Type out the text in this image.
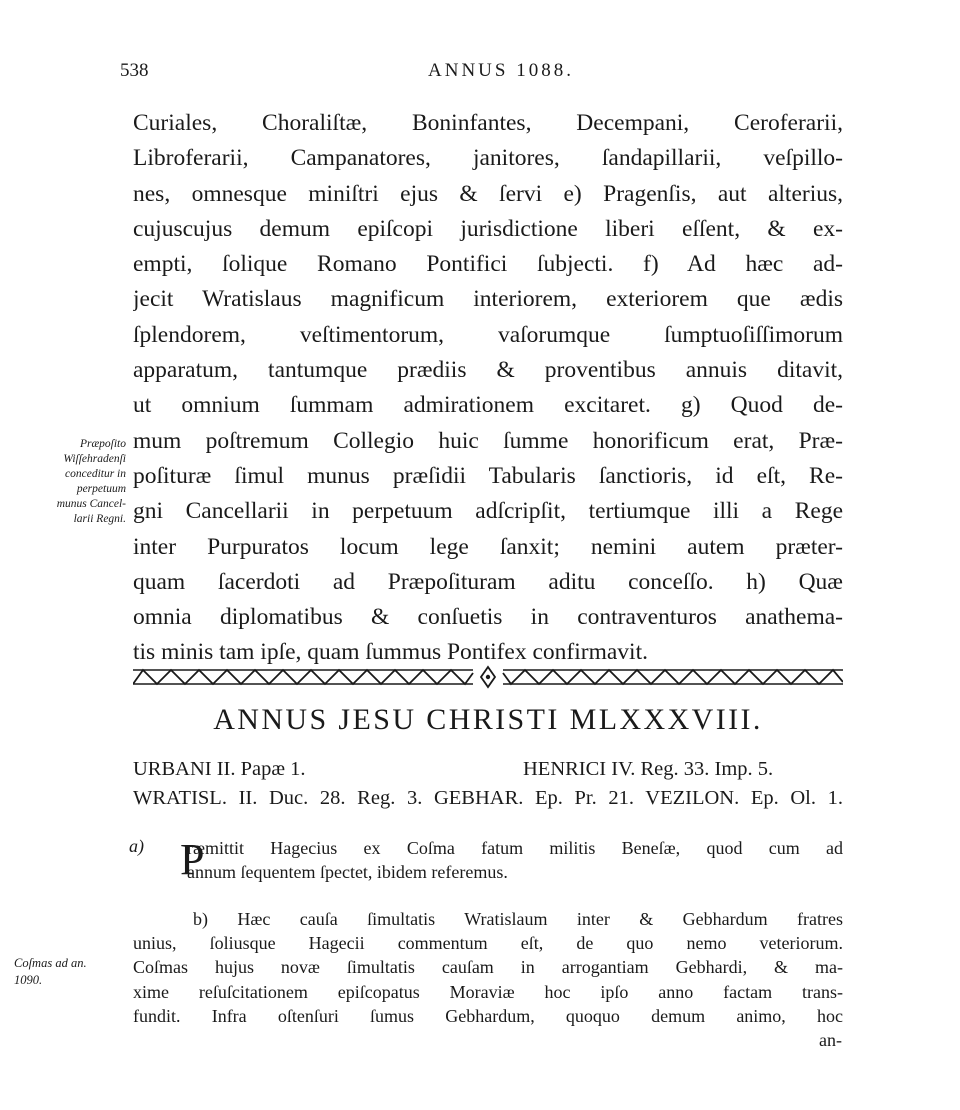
538	ANNUS 1088.
Curiales, Choraliſtæ, Boninfantes, Decempani, Ceroferarii,
Libroferarii, Campanatores, janitores, ſandapillarii, veſpillo-
nes, omnesque miniſtri ejus & ſervi e) Pragenſis, aut alterius,
cujuscujus demum epiſcopi jurisdictione liberi eſſent, & ex-
empti, ſolique Romano Pontifici ſubjecti. f) Ad hæc ad-
jecit Wratislaus magnificum interiorem, exteriorem que ædis
ſplendorem, veſtimentorum, vaſorumque ſumptuoſiſſimorum
apparatum, tantumque prædiis & proventibus annuis ditavit,
ut omnium ſummam admirationem excitaret. g) Quod de-
mum poſtremum Collegio huic ſumme honorificum erat, Præ-
poſituræ ſimul munus præſidii Tabularis ſanctioris, id eſt, Re-
gni Cancellarii in perpetuum adſcripſit, tertiumque illi a Rege
inter Purpuratos locum lege ſanxit; nemini autem præter-
quam ſacerdoti ad Præpoſituram aditu conceſſo. h) Quæ
omnia diplomatibus & conſuetis in contraventuros anathema-
tis minis tam ipſe, quam ſummus Pontifex confirmavit.
Præpoſito
Wiſſehradenſi
conceditur in
perpetuum
munus Cancel-
larii Regni.
ANNUS JESU CHRISTI MLXXXVIII.
URBANI II. Papæ 1.	HENRICI IV. Reg. 33. Imp. 5.
WRATISL. II. Duc. 28. Reg. 3. GEBHAR. Ep. Pr. 21. VEZILON. Ep. Ol. 1.
a) P
ræmittit Hagecius ex Coſma fatum militis Beneſæ, quod cum ad
annum ſequentem ſpectet, ibidem referemus.
b) Hæc cauſa ſimultatis Wratislaum inter & Gebhardum fratres
unius, ſoliusque Hagecii commentum eſt, de quo nemo veteriorum.
Coſmas hujus novæ ſimultatis cauſam in arrogantiam Gebhardi, & ma-
xime reſuſcitationem epiſcopatus Moraviæ hoc ipſo anno factam trans-
fundit. Infra oſtenſuri ſumus Gebhardum, quoquo demum animo, hoc
Coſmas ad an.
1090.
an-
